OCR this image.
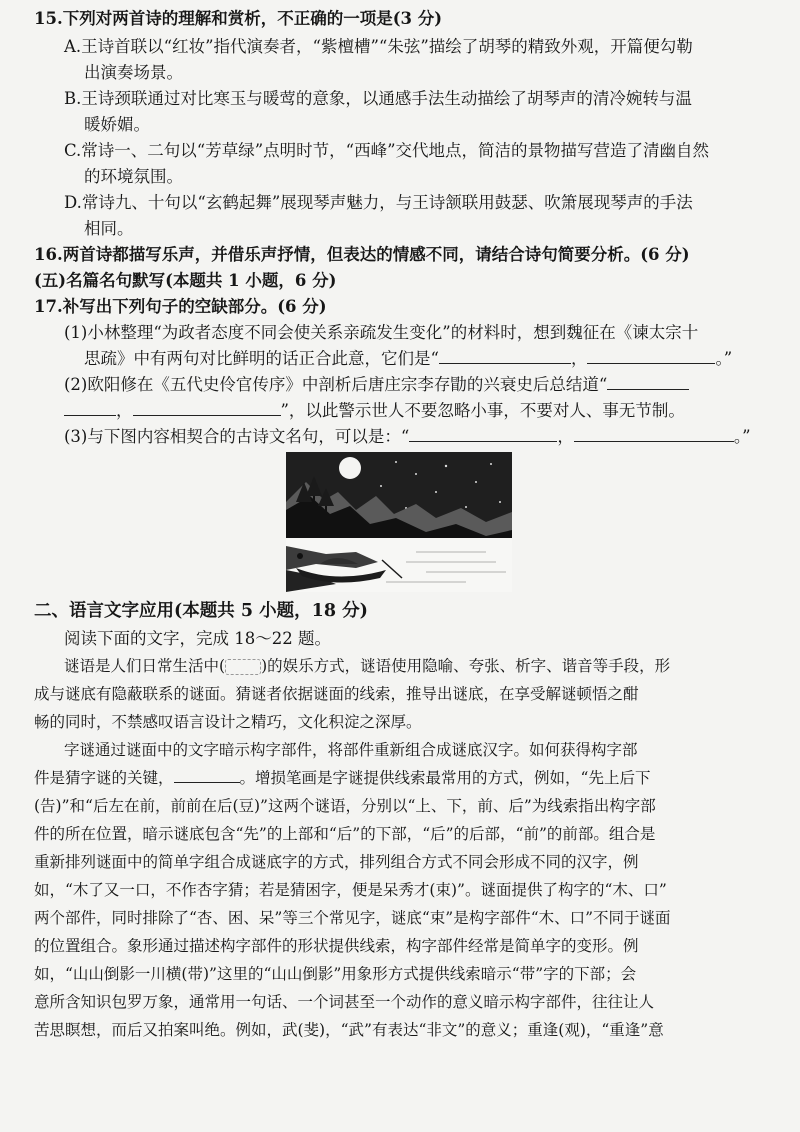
15.下列对两首诗的理解和赏析，不正确的一项是(3 分)
A.王诗首联以“红妆”指代演奏者，“紫檀槽”“朱弦”描绘了胡琴的精致外观，开篇便勾勒
出演奏场景。
B.王诗颈联通过对比寒玉与暖莺的意象，以通感手法生动描绘了胡琴声的清冷婉转与温
暖娇媚。
C.常诗一、二句以“芳草绿”点明时节，“西峰”交代地点，简洁的景物描写营造了清幽自然
的环境氛围。
D.常诗九、十句以“玄鹤起舞”展现琴声魅力，与王诗颔联用鼓瑟、吹箫展现琴声的手法
相同。
16.两首诗都描写乐声，并借乐声抒情，但表达的情感不同，请结合诗句简要分析。(6 分)
(五)名篇名句默写(本题共 1 小题，6 分)
17.补写出下列句子的空缺部分。(6 分)
(1)小林整理“为政者态度不同会使关系亲疏发生变化”的材料时，想到魏征在《谏太宗十
思疏》中有两句对比鲜明的话正合此意，它们是“	，	。”
(2)欧阳修在《五代史伶官传序》中剖析后唐庄宗李存勖的兴衰史后总结道“
，	”，以此警示世人不要忽略小事，不要对人、事无节制。
(3)与下图内容相契合的古诗文名句，可以是：“	，	。”
二、语言文字应用(本题共 5 小题，18 分)
阅读下面的文字，完成 18～22 题。
谜语是人们日常生活中( )的娱乐方式，谜语使用隐喻、夸张、析字、谐音等手段，形
成与谜底有隐蔽联系的谜面。猜谜者依据谜面的线索，推导出谜底，在享受解谜顿悟之酣
畅的同时，不禁感叹语言设计之精巧，文化积淀之深厚。
字谜通过谜面中的文字暗示构字部件，将部件重新组合成谜底汉字。如何获得构字部
件是猜字谜的关键，	。增损笔画是字谜提供线索最常用的方式，例如，“先上后下
(告)”和“后左在前，前前在后(豆)”这两个谜语，分别以“上、下，前、后”为线索指出构字部
件的所在位置，暗示谜底包含“先”的上部和“后”的下部，“后”的后部，“前”的前部。组合是
重新排列谜面中的简单字组合成谜底字的方式，排列组合方式不同会形成不同的汉字，例
如，“木了又一口，不作杏字猜；若是猜困字，便是呆秀才(束)”。谜面提供了构字的“木、口”
两个部件，同时排除了“杏、困、呆”等三个常见字，谜底“束”是构字部件“木、口”不同于谜面
的位置组合。象形通过描述构字部件的形状提供线索，构字部件经常是简单字的变形。例
如，“山山倒影一川横(带)”这里的“山山倒影”用象形方式提供线索暗示“带”字的下部；会
意所含知识包罗万象，通常用一句话、一个词甚至一个动作的意义暗示构字部件，往往让人
苦思瞑想，而后又拍案叫绝。例如，武(斐)，“武”有表达“非文”的意义；重逢(观)，“重逢”意
